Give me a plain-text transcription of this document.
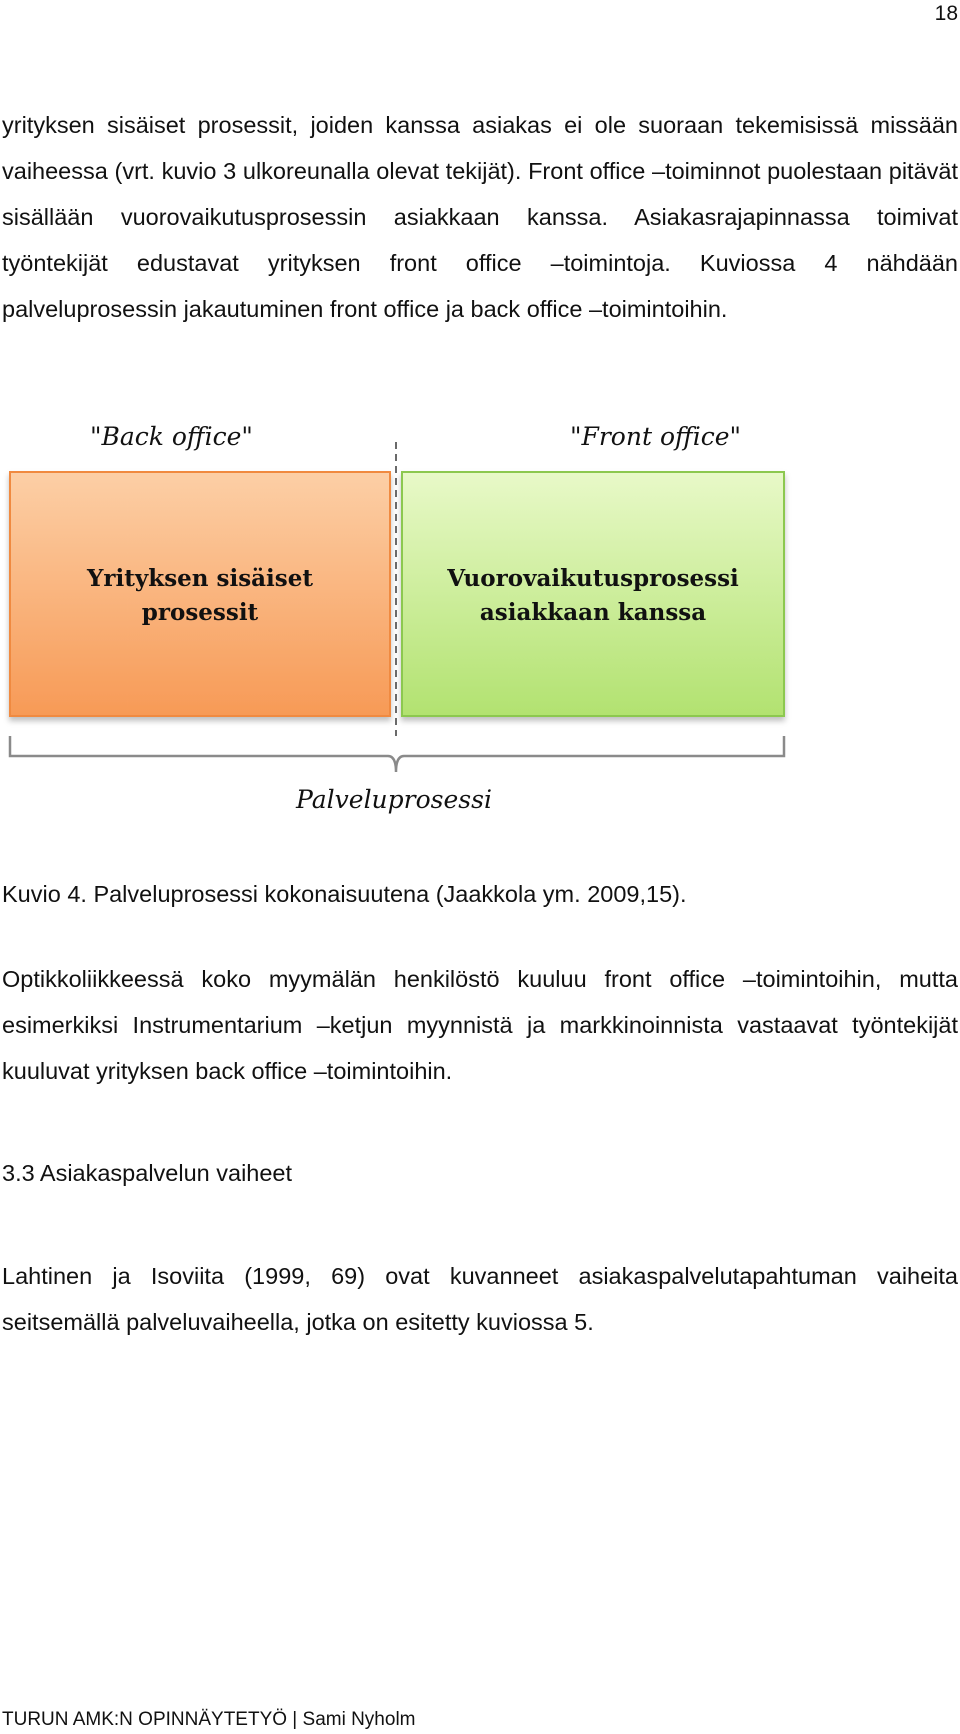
18

yrityksen sisäiset prosessit, joiden kanssa asiakas ei ole suoraan tekemisissä missään vaiheessa (vrt. kuvio 3 ulkoreunalla olevat tekijät). Front office –toiminnot puolestaan pitävät sisällään vuorovaikutusprosessin asiakkaan kanssa. Asiakasrajapinnassa toimivat työntekijät edustavat yrityksen front office –toimintoja. Kuviossa 4 nähdään palveluprosessin jakautuminen front office ja back office –toimintoihin.

"Back office"	"Front office"
Yrityksen sisäiset
prosessit
Vuorovaikutusprosessi
asiakkaan kanssa
Palveluprosessi

Kuvio 4. Palveluprosessi kokonaisuutena (Jaakkola ym. 2009,15).

Optikkoliikkeessä koko myymälän henkilöstö kuuluu front office –toimintoihin, mutta esimerkiksi Instrumentarium –ketjun myynnistä ja markkinoinnista vastaavat työntekijät kuuluvat yrityksen back office –toimintoihin.

3.3 Asiakaspalvelun vaiheet

Lahtinen ja Isoviita (1999, 69) ovat kuvanneet asiakaspalvelutapahtuman vaiheita seitsemällä palveluvaiheella, jotka on esitetty kuviossa 5.

TURUN AMK:N OPINNÄYTETYÖ | Sami Nyholm
